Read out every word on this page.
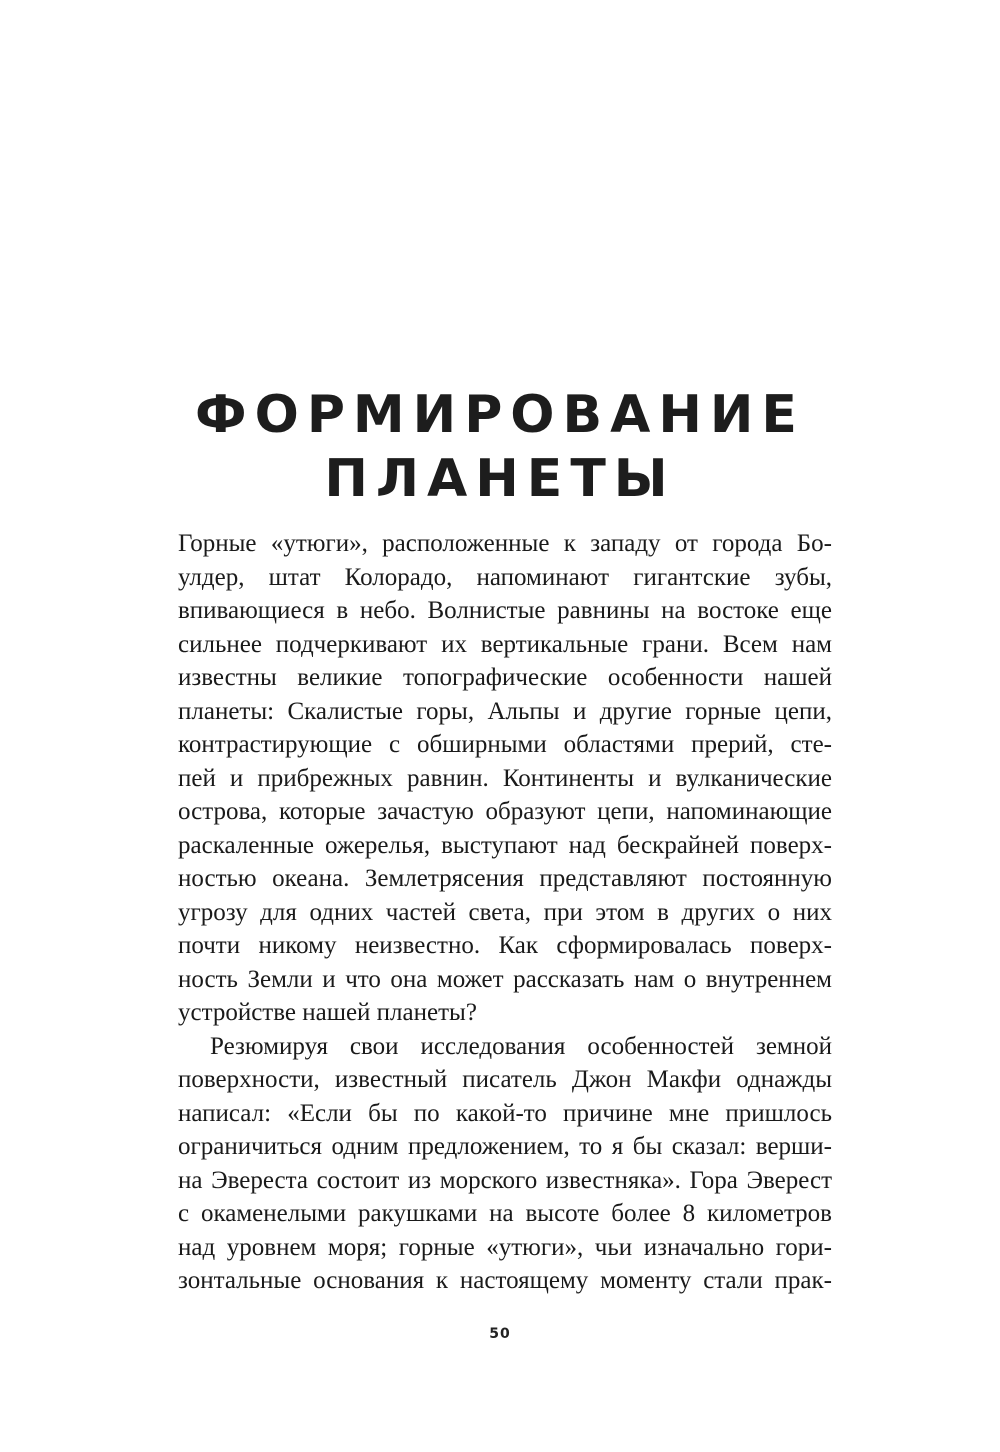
ФОРМИРОВАНИЕ
ПЛАНЕТЫ
Горные «утюги», расположенные к западу от города Бо-
улдер, штат Колорадо, напоминают гигантские зубы,
впивающиеся в небо. Волнистые равнины на востоке еще
сильнее подчеркивают их вертикальные грани. Всем нам
известны великие топографические особенности нашей
планеты: Скалистые горы, Альпы и другие горные цепи,
контрастирующие с обширными областями прерий, сте-
пей и прибрежных равнин. Континенты и вулканические
острова, которые зачастую образуют цепи, напоминающие
раскаленные ожерелья, выступают над бескрайней поверх-
ностью океана. Землетрясения представляют постоянную
угрозу для одних частей света, при этом в других о них
почти никому неизвестно. Как сформировалась поверх-
ность Земли и что она может рассказать нам о внутреннем
устройстве нашей планеты?
Резюмируя свои исследования особенностей земной
поверхности, известный писатель Джон Макфи однажды
написал: «Если бы по какой-то причине мне пришлось
ограничиться одним предложением, то я бы сказал: верши-
на Эвереста состоит из морского известняка». Гора Эверест
с окаменелыми ракушками на высоте более 8 километров
над уровнем моря; горные «утюги», чьи изначально гори-
зонтальные основания к настоящему моменту стали прак-
50
